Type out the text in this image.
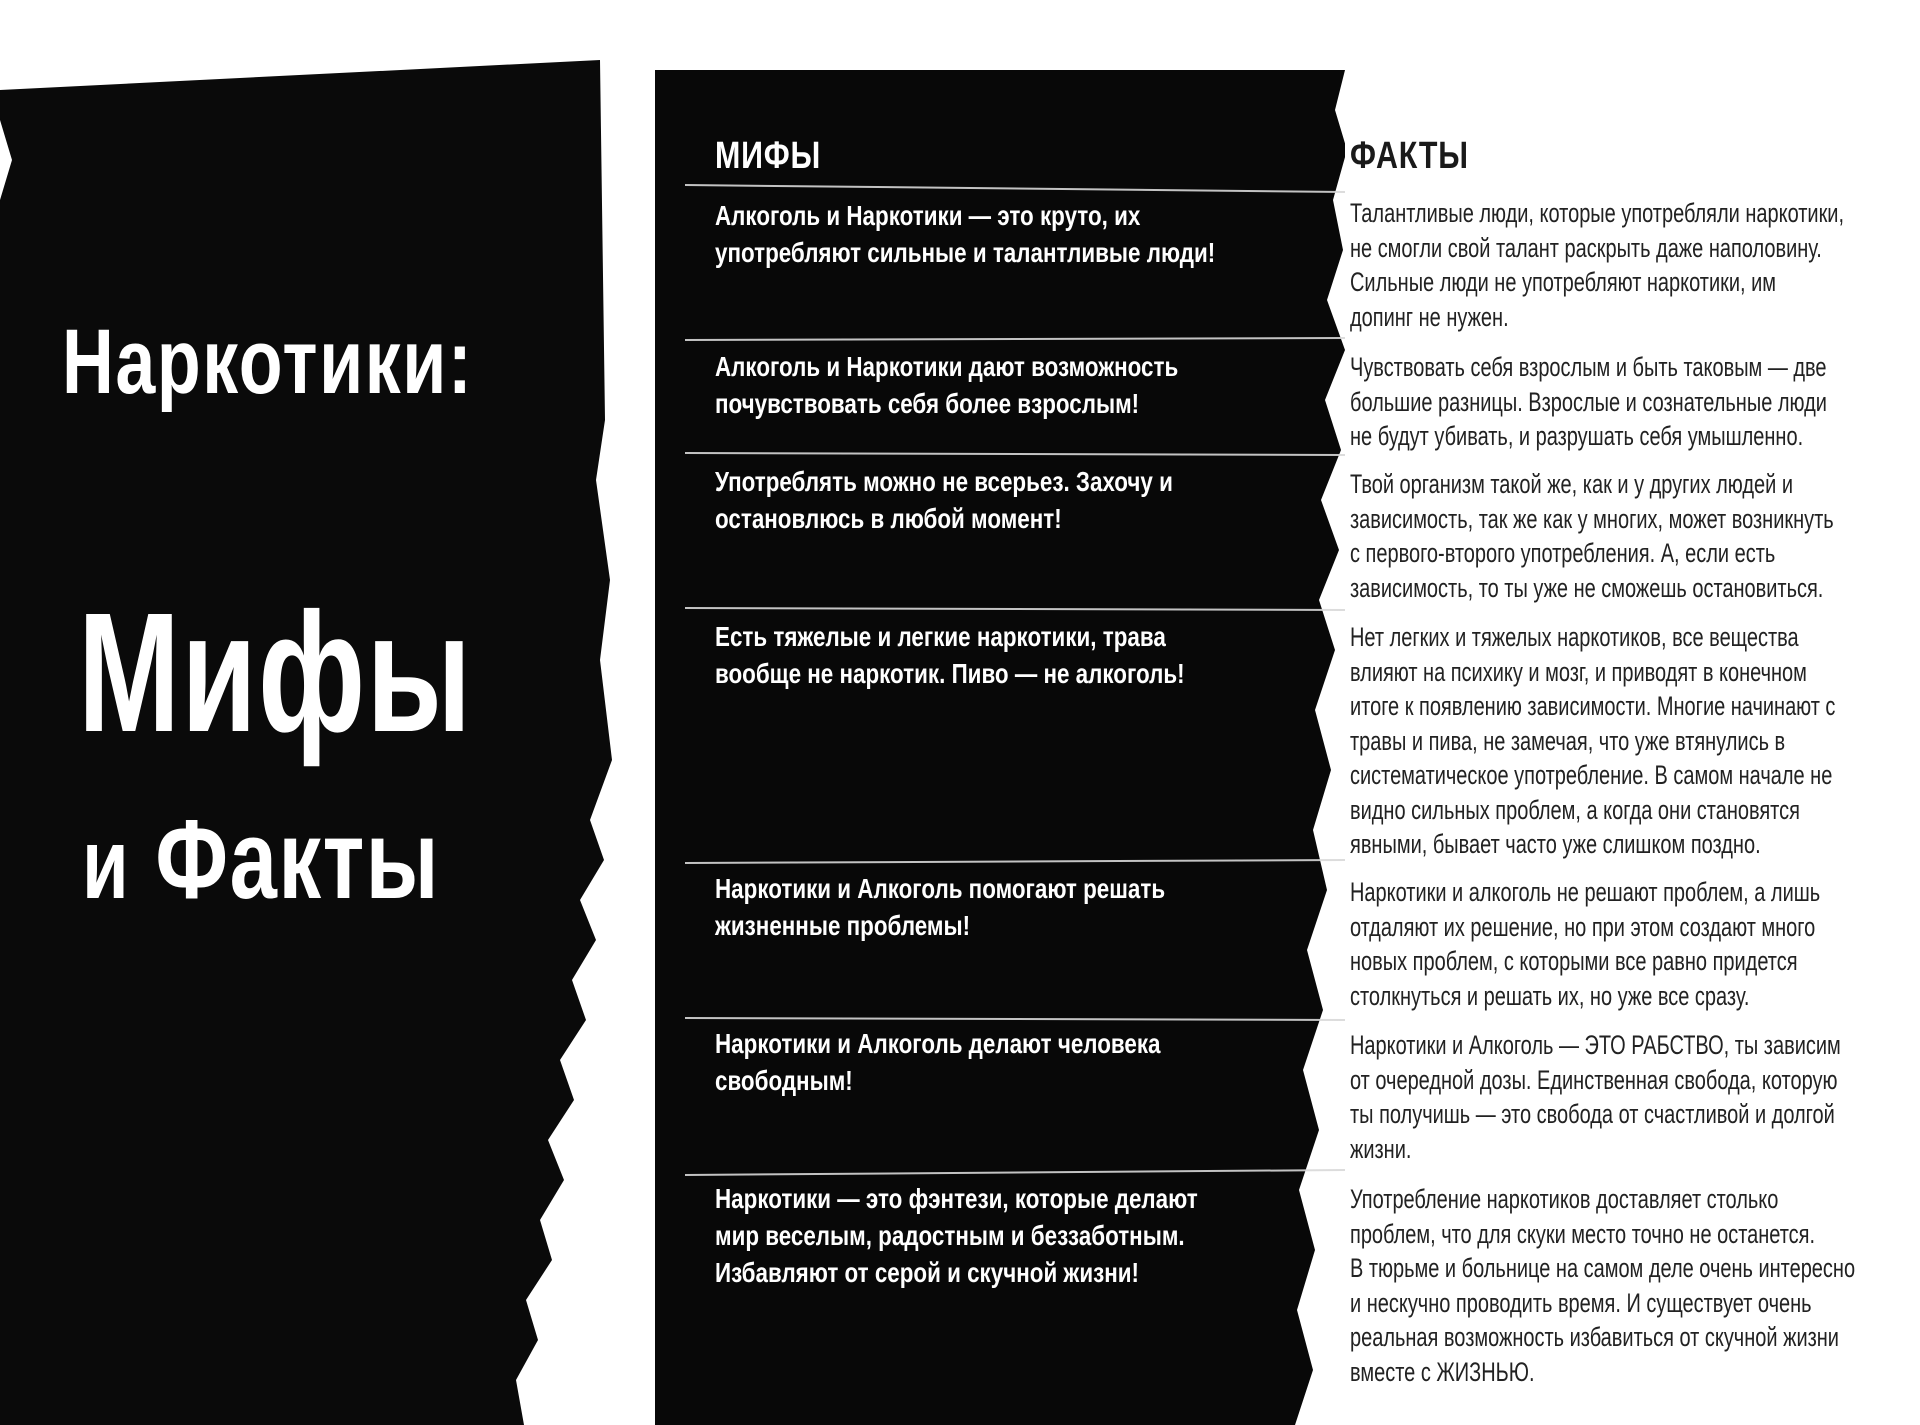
Наркотики:
Мифы
и Факты
МИФЫ
Алкоголь и Наркотики — это круто, их
употребляют сильные и талантливые люди!
Алкоголь и Наркотики дают возможность
почувствовать себя более взрослым!
Употреблять можно не всерьез. Захочу и
остановлюсь в любой момент!
Есть тяжелые и легкие наркотики, трава
вообще не наркотик. Пиво — не алкоголь!
Наркотики и Алкоголь помогают решать
жизненные проблемы!
Наркотики и Алкоголь делают человека
свободным!
Наркотики — это фэнтези, которые делают
мир веселым, радостным и беззаботным.
Избавляют от серой и скучной жизни!
ФАКТЫ
Талантливые люди, которые употребляли наркотики,
не смогли свой талант раскрыть даже наполовину.
Сильные люди не употребляют наркотики, им
допинг не нужен.
Чувствовать себя взрослым и быть таковым — две
большие разницы. Взрослые и сознательные люди
не будут убивать, и разрушать себя умышленно.
Твой организм такой же, как и у других людей и
зависимость, так же как у многих, может возникнуть
с первого-второго употребления. А, если есть
зависимость, то ты уже не сможешь остановиться.
Нет легких и тяжелых наркотиков, все вещества
влияют на психику и мозг, и приводят в конечном
итоге к появлению зависимости. Многие начинают с
травы и пива, не замечая, что уже втянулись в
систематическое употребление. В самом начале не
видно сильных проблем, а когда они становятся
явными, бывает часто уже слишком поздно.
Наркотики и алкоголь не решают проблем, а лишь
отдаляют их решение, но при этом создают много
новых проблем, с которыми все равно придется
столкнуться и решать их, но уже все сразу.
Наркотики и Алкоголь — ЭТО РАБСТВО, ты зависим
от очередной дозы. Единственная свобода, которую
ты получишь — это свобода от счастливой и долгой
жизни.
Употребление наркотиков доставляет столько
проблем, что для скуки место точно не останется.
В тюрьме и больнице на самом деле очень интересно
и нескучно проводить время. И существует очень
реальная возможность избавиться от скучной жизни
вместе с ЖИЗНЬЮ.
